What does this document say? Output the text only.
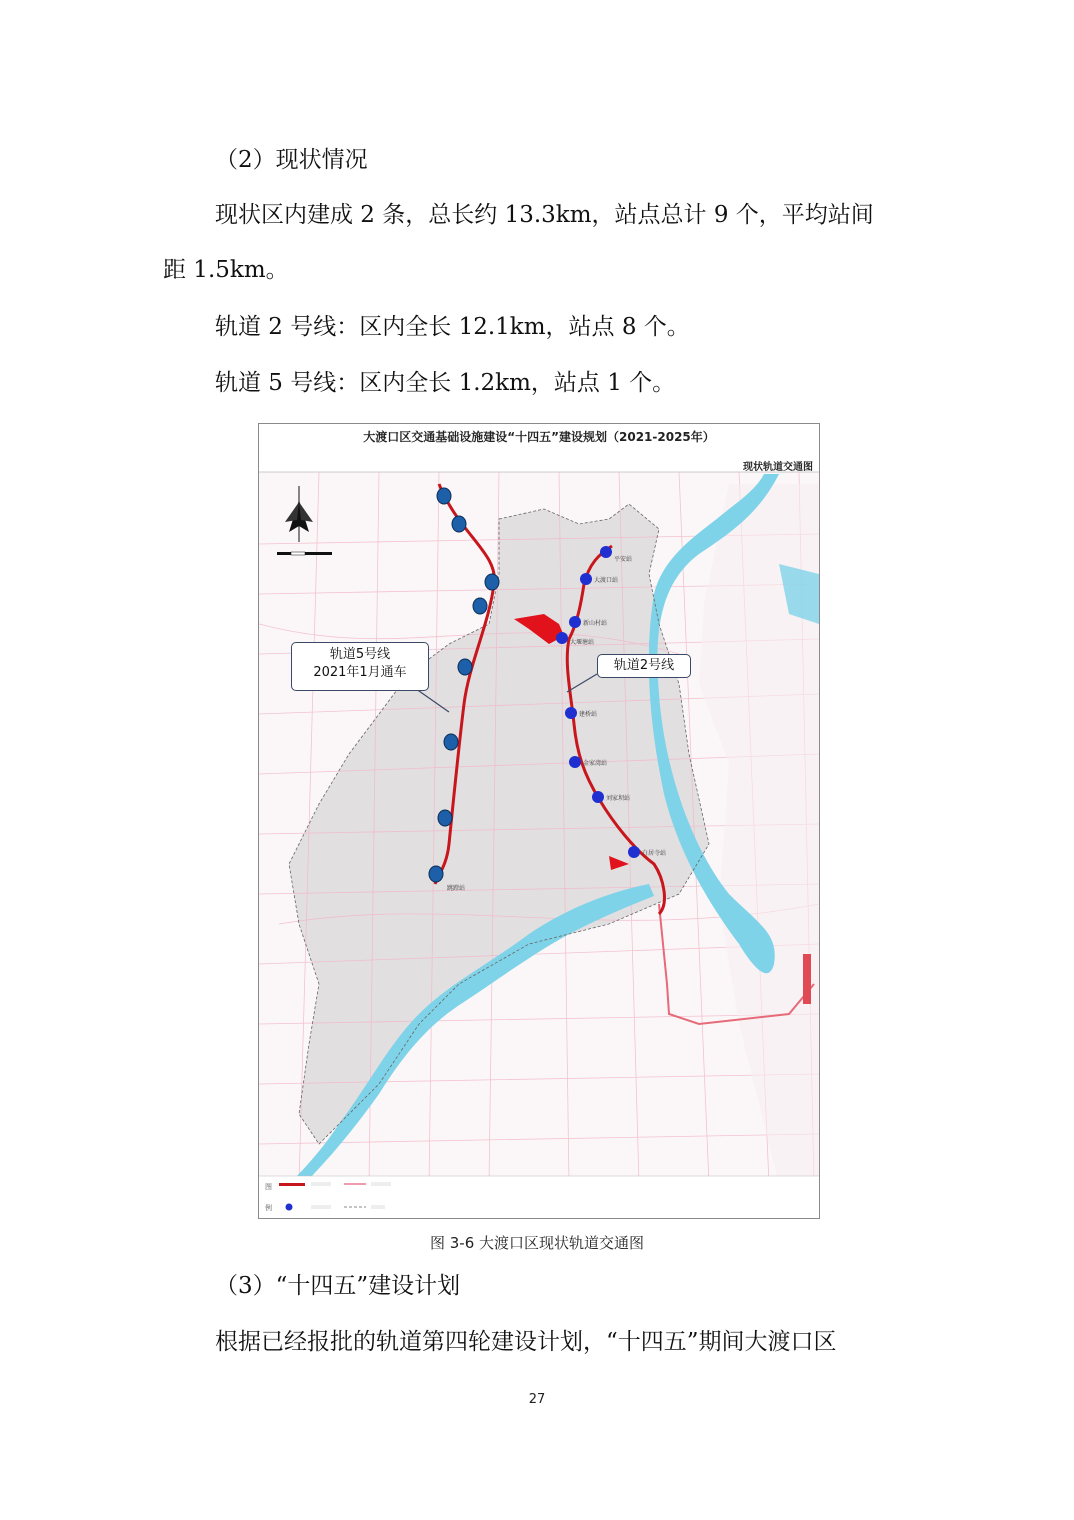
（2）现状情况
现状区内建成 2 条，总长约 13.3km，站点总计 9 个，平均站间
距 1.5km。
轨道 2 号线：区内全长 12.1km，站点 8 个。
轨道 5 号线：区内全长 1.2km，站点 1 个。
跳蹬站
平安站
大渡口站
新山村站
大堰塘站
建桥站
金家湾站
刘家坝站
白居寺站
图
例
大渡口区交通基础设施建设“十四五”建设规划（2021-2025年）
现状轨道交通图
轨道5号线
2021年1月通车	轨道2号线
图 3-6 大渡口区现状轨道交通图
（3）“十四五”建设计划
根据已经报批的轨道第四轮建设计划，“十四五”期间大渡口区
27
